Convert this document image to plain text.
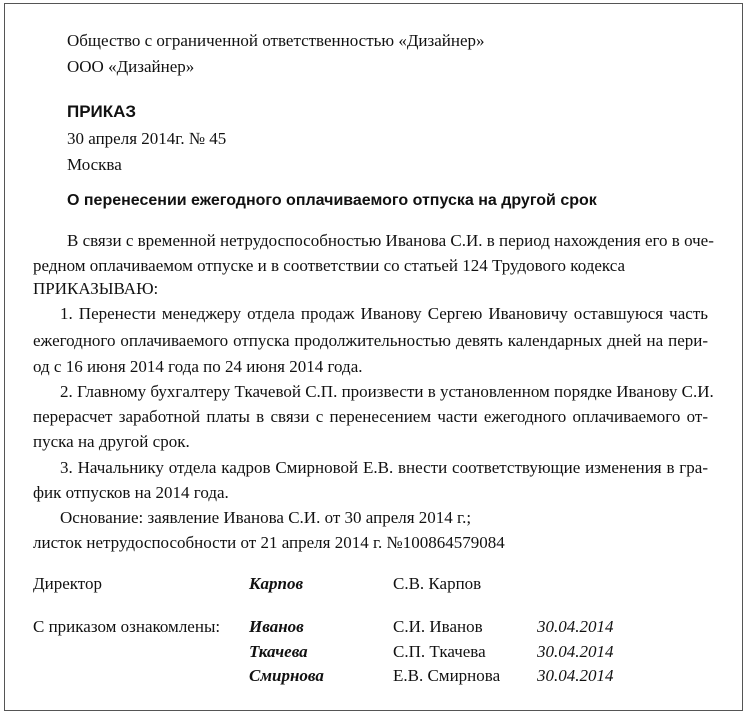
Общество с ограниченной ответственностью «Дизайнер»
ООО «Дизайнер»
ПРИКАЗ
30 апреля 2014г. № 45
Москва
О перенесении ежегодного оплачиваемого отпуска на другой срок
В связи с временной нетрудоспособностью Иванова С.И. в период нахождения его в оче-
редном оплачиваемом отпуске и в соответствии со статьей 124 Трудового кодекса
ПРИКАЗЫВАЮ:
1. Перенести менеджеру отдела продаж Иванову Сергею Ивановичу оставшуюся часть
ежегодного оплачиваемого отпуска продолжительностью девять календарных дней на пери-
од с 16 июня 2014 года по 24 июня 2014 года.
2. Главному бухгалтеру Ткачевой С.П. произвести в установленном порядке Иванову С.И.
перерасчет заработной платы в связи с перенесением части ежегодного оплачиваемого от-
пуска на другой срок.
3. Начальнику отдела кадров Смирновой Е.В. внести соответствующие изменения в гра-
фик отпусков на 2014 года.
Основание: заявление Иванова С.И. от 30 апреля 2014 г.;
листок нетрудоспособности от 21 апреля 2014 г. №100864579084
Директор	Карпов	С.В. Карпов
С приказом ознакомлены: Иванов	С.И. Иванов	30.04.2014
Ткачева	С.П. Ткачева	30.04.2014
Смирнова	Е.В. Смирнова 30.04.2014
